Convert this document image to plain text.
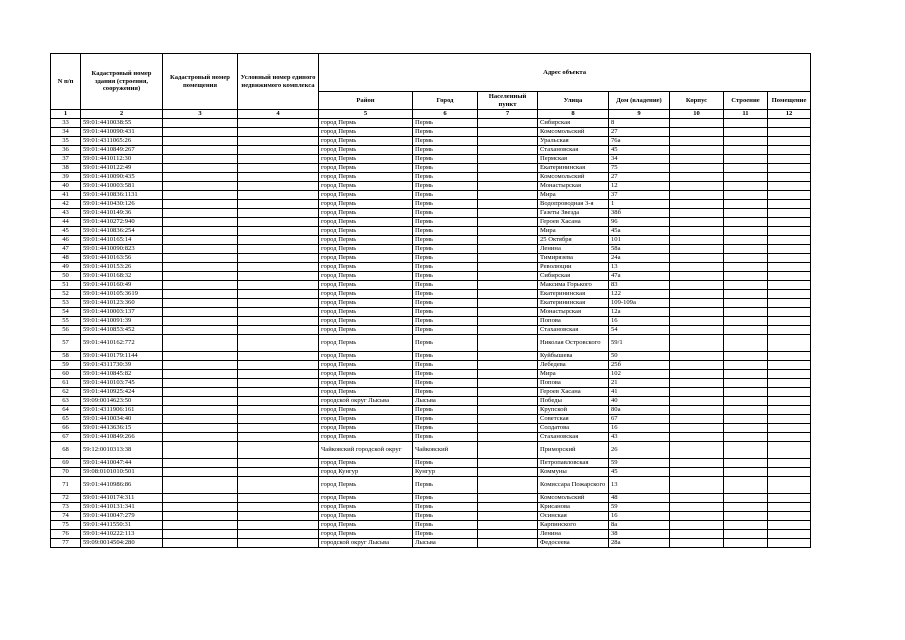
N п/п	Кадастровый номер здания (строения, сооружения)	Кадастровый номер помещения	Условный номер единого недвижимого комплекса	Адрес объекта							
				Район	Город	Населенный пункт	Улица	Дом (владение)	Корпус	Строение	Помещение
1	2	3	4	5	6	7	8	9	10	11	12
33	59:01:4410038:55			город Пермь	Пермь		Сибирская	8			
34	59:01:4410090:431			город Пермь	Пермь		Комсомольский	27			
35	59:01:4311065:26			город Пермь	Пермь		Уральская	76а			
36	59:01:4410849:267			город Пермь	Пермь		Стахановская	45			
37	59:01:4410112:30			город Пермь	Пермь		Пермская	34			
38	59:01:4410122:49			город Пермь	Пермь		Екатерининская	75			
39	59:01:4410090:435			город Пермь	Пермь		Комсомольский	27			
40	59:01:4410003:581			город Пермь	Пермь		Монастырская	12			
41	59:01:4410836:1131			город Пермь	Пермь		Мира	37			
42	59:01:4410430:126			город Пермь	Пермь		Водопроводная 3-я	1			
43	59:01:4410149:36			город Пермь	Пермь		Газеты Звезда	38б			
44	59:01:4410272:940			город Пермь	Пермь		Героев Хасана	96			
45	59:01:4410836:254			город Пермь	Пермь		Мира	45а			
46	59:01:4410165:14			город Пермь	Пермь		25 Октября	101			
47	59:01:4410090:823			город Пермь	Пермь		Ленина	58а			
48	59:01:4410163:56			город Пермь	Пермь		Тимирязева	24а			
49	59:01:4410153:26			город Пермь	Пермь		Революции	13			
50	59:01:4410168:32			город Пермь	Пермь		Сибирская	47а			
51	59:01:4410160:49			город Пермь	Пермь		Максима Горького	83			
52	59:01:4410105:3619			город Пермь	Пермь		Екатерининская	122			
53	59:01:4410123:360			город Пермь	Пермь		Екатерининская	109-109а			
54	59:01:4410003:137			город Пермь	Пермь		Монастырская	12а			
55	59:01:4410091:39			город Пермь	Пермь		Попова	16			
56	59:01:4410853:452			город Пермь	Пермь		Стахановская	54			
57	59:01:4410162:772			город Пермь	Пермь		Николая Островского	59/1			
58	59:01:4410179:1144			город Пермь	Пермь		Куйбышева	50			
59	59:01:4311730:39			город Пермь	Пермь		Лебедева	25б			
60	59:01:4410845:82			город Пермь	Пермь		Мира	102			
61	59:01:4410103:745			город Пермь	Пермь		Попова	21			
62	59:01:4410925:424			город Пермь	Пермь		Героев Хасана	41			
63	59:09:0014623:50			городской округ Лысьва	Лысьва		Победы	40			
64	59:01:4311906:161			город Пермь	Пермь		Крупской	80а			
65	59:01:4410034:40			город Пермь	Пермь		Советская	67			
66	59:01:4413636:15			город Пермь	Пермь		Солдатова	16			
67	59:01:4410849:266			город Пермь	Пермь		Стахановская	43			
68	59:12:0010313:38			Чайковский городской округ	Чайковский		Приморский	26			
69	59:01:4410047:44			город Пермь	Пермь		Петропавловская	59			
70	59:08:0101010:501			город Кунгур	Кунгур		Коммуны	45			
71	59:01:4410986:86			город Пермь	Пермь		Комиссара Пожарского	13			
72	59:01:4410174:311			город Пермь	Пермь		Комсомольский	48			
73	59:01:4410131:341			город Пермь	Пермь		Крисанова	59			
74	59:01:4410047:279			город Пермь	Пермь		Осинская	16			
75	59:01:4411550:31			город Пермь	Пермь		Карпинского	8а			
76	59:01:4410222:113			город Пермь	Пермь		Ленина	38			
77	59:09:0014504:280			городской округ Лысьва	Лысьва		Федосеева	28а			
